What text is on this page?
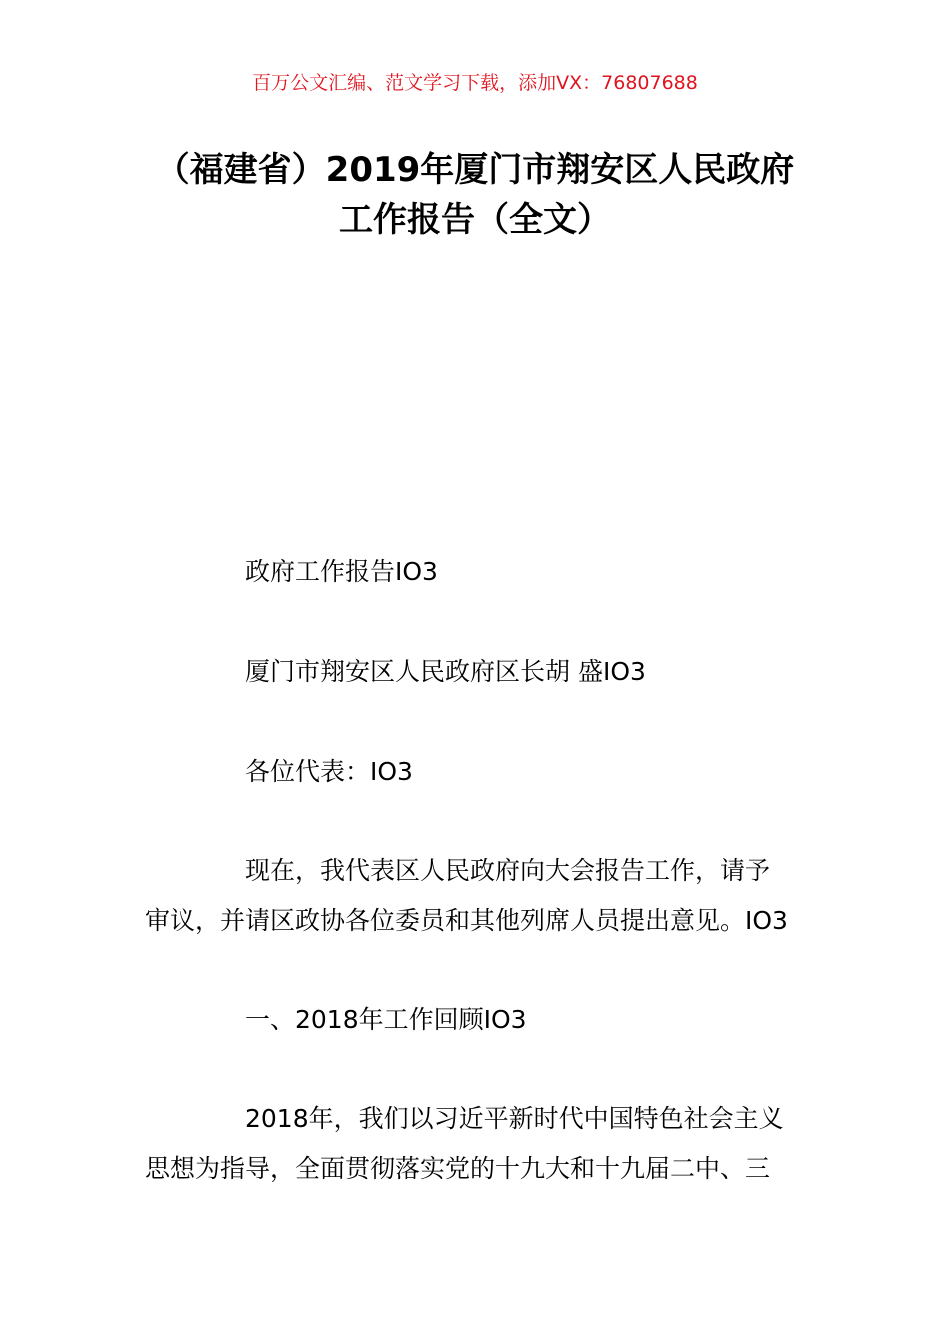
百万公文汇编、范文学习下载，添加VX：76807688
（福建省）2019年厦门市翔安区人民政府
工作报告（全文）
政府工作报告IO3
厦门市翔安区人民政府区长胡 盛IO3
各位代表：IO3
现在，我代表区人民政府向大会报告工作，请予
审议，并请区政协各位委员和其他列席人员提出意见。IO3
一、2018年工作回顾IO3
2018年，我们以习近平新时代中国特色社会主义
思想为指导，全面贯彻落实党的十九大和十九届二中、三
